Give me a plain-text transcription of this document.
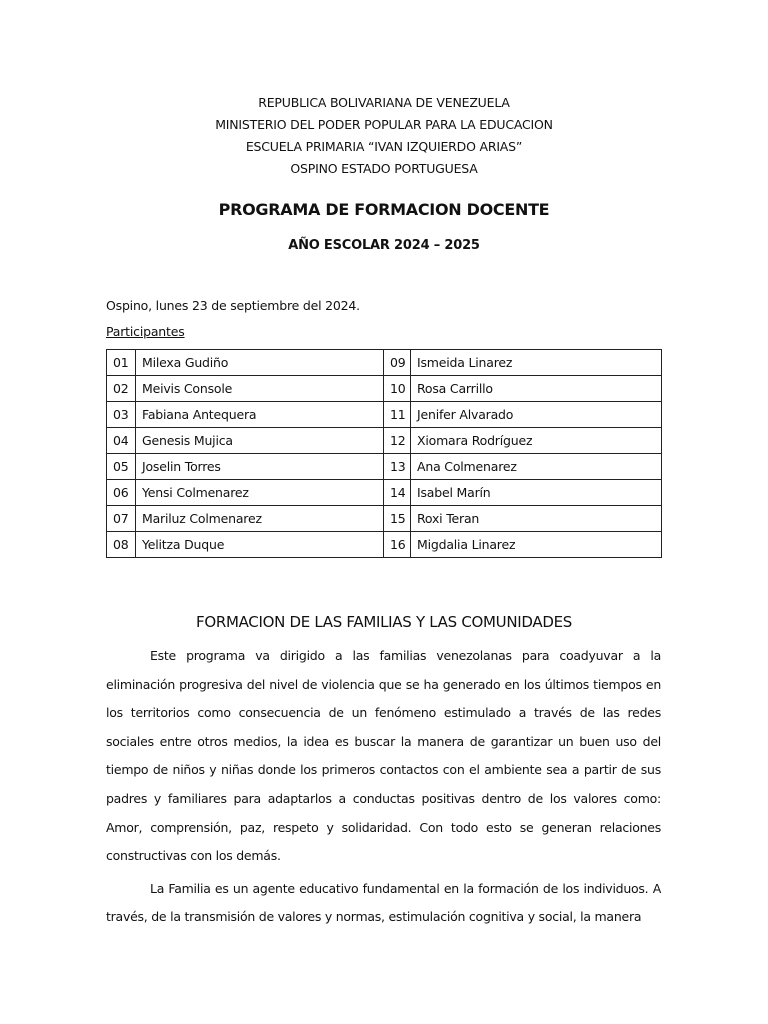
REPUBLICA BOLIVARIANA DE VENEZUELA
MINISTERIO DEL PODER POPULAR PARA LA EDUCACION
ESCUELA PRIMARIA “IVAN IZQUIERDO ARIAS”
OSPINO ESTADO PORTUGUESA
PROGRAMA DE FORMACION DOCENTE
AÑO ESCOLAR 2024 – 2025
Ospino, lunes 23 de septiembre del 2024.
Participantes
01	Milexa Gudiño	09	Ismeida Linarez
02	Meivis Console	10	Rosa Carrillo
03	Fabiana Antequera	11	Jenifer Alvarado
04	Genesis Mujica	12	Xiomara Rodríguez
05	Joselin Torres	13	Ana Colmenarez
06	Yensi Colmenarez	14	Isabel Marín
07	Mariluz Colmenarez	15	Roxi Teran
08	Yelitza Duque	16	Migdalia Linarez
FORMACION DE LAS FAMILIAS Y LAS COMUNIDADES

Este programa va dirigido a las familias venezolanas para coadyuvar a la eliminación progresiva del nivel de violencia que se ha generado en los últimos tiempos en los territorios como consecuencia de un fenómeno estimulado a través de las redes sociales entre otros medios, la idea es buscar la manera de garantizar un buen uso del tiempo de niños y niñas donde los primeros contactos con el ambiente sea a partir de sus padres y familiares para adaptarlos a conductas positivas dentro de los valores como: Amor, comprensión, paz, respeto y solidaridad. Con todo esto se generan relaciones constructivas con los demás.

La Familia es un agente educativo fundamental en la formación de los individuos. A través, de la transmisión de valores y normas, estimulación cognitiva y social, la manera
